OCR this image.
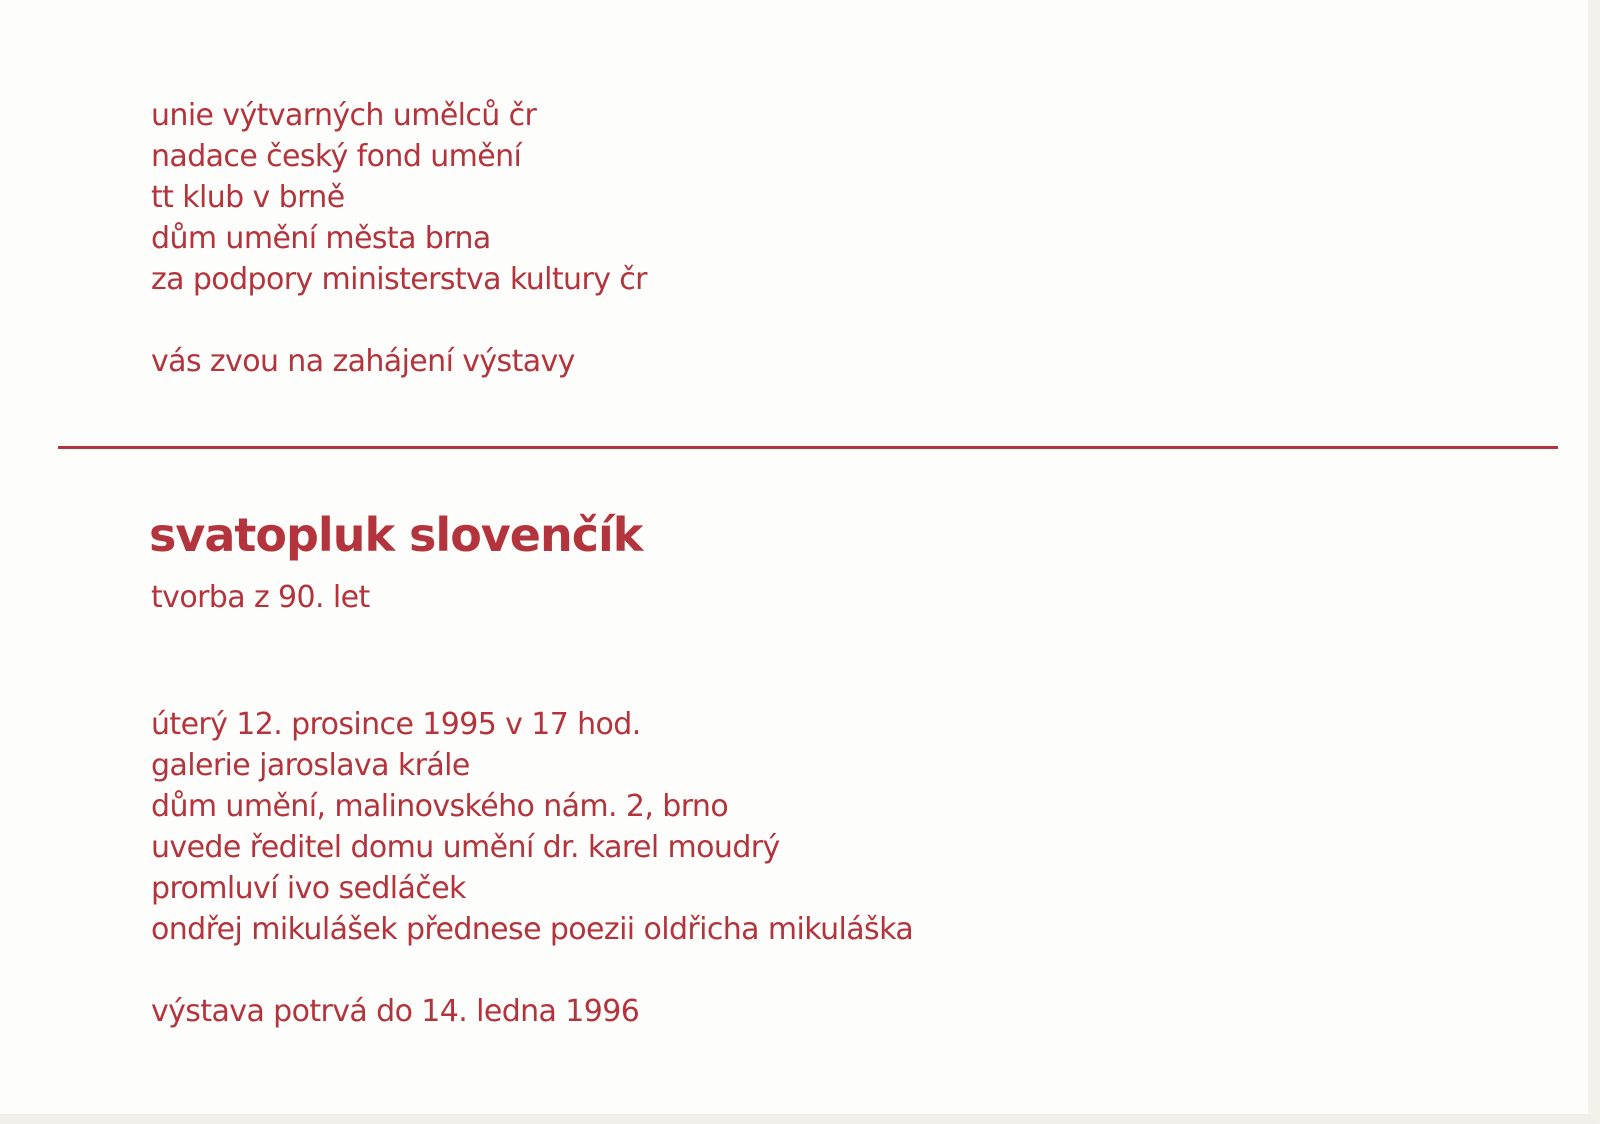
unie výtvarných umělců čr
nadace český fond umění
tt klub v brně
dům umění města brna
za podpory ministerstva kultury čr
vás zvou na zahájení výstavy
svatopluk slovenčík
tvorba z 90. let
úterý 12. prosince 1995 v 17 hod.
galerie jaroslava krále
dům umění, malinovského nám. 2, brno
uvede ředitel domu umění dr. karel moudrý
promluví ivo sedláček
ondřej mikulášek přednese poezii oldřicha mikuláška
výstava potrvá do 14. ledna 1996
